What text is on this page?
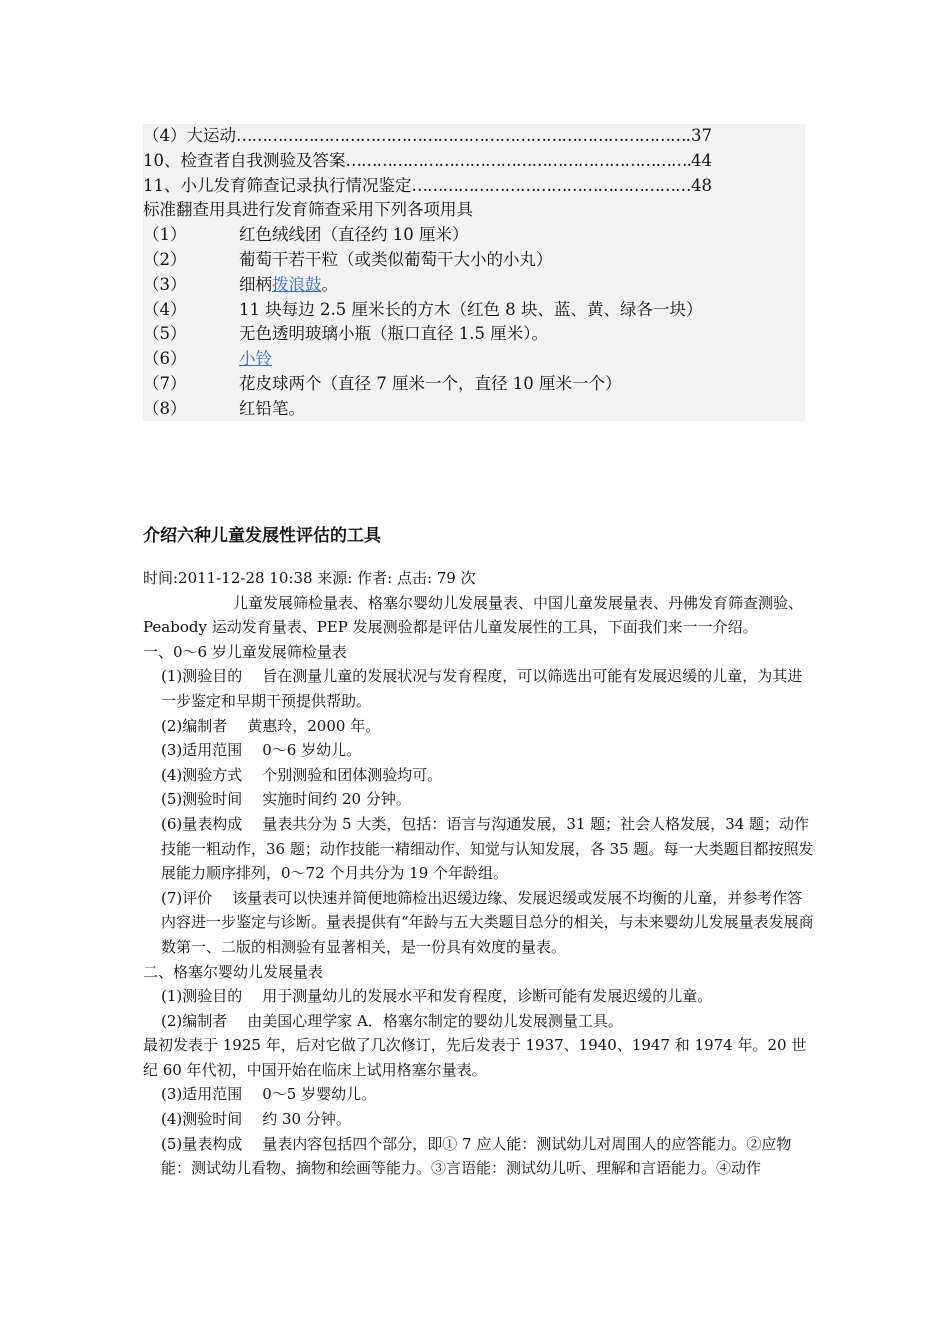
（4）大运动 ………………………………………………………………………………………………………………………	37
10、检查者自我测验及答案 ………………………………………………………………………………………………………………………	44
11、小儿发育筛查记录执行情况鉴定 ………………………………………………………………………………………………………………………	48
标准翻查用具进行发育筛查采用下列各项用具
（1）	红色绒线团（直径约 10 厘米）
（2）	葡萄干若干粒（或类似葡萄干大小的小丸）
（3）	细柄拨浪鼓。
（4）	11 块每边 2.5 厘米长的方木（红色 8 块、蓝、黄、绿各一块）
（5）	无色透明玻璃小瓶（瓶口直径 1.5 厘米）。
（6）	小铃
（7）	花皮球两个（直径 7 厘米一个，直径 10 厘米一个）
（8）	红铅笔。
介绍六种儿童发展性评估的工具

时间:2011-12-28 10:38 来源: 作者: 点击: 79 次

儿童发展筛检量表、格塞尔婴幼儿发展量表、中国儿童发展量表、丹佛发育筛查测验、Peabody 运动发育量表、PEP 发展测验都是评估儿童发展性的工具，下面我们来一一介绍。

一、0～6 岁儿童发展筛检量表

(1)测验目的 旨在测量儿童的发展状况与发育程度，可以筛选出可能有发展迟缓的儿童，为其进一步鉴定和早期干预提供帮助。

(2)编制者 黄惠玲，2000 年。

(3)适用范围 0～6 岁幼儿。

(4)测验方式 个别测验和团体测验均可。

(5)测验时间 实施时间约 20 分钟。

(6)量表构成 量表共分为 5 大类，包括：语言与沟通发展，31 题；社会人格发展，34 题；动作技能一粗动作，36 题；动作技能一精细动作、知觉与认知发展，各 35 题。每一大类题目都按照发展能力顺序排列，0～72 个月共分为 19 个年龄组。

(7)评价 该量表可以快速并简便地筛检出迟缓边缘、发展迟缓或发展不均衡的儿童，并参考作答内容进一步鉴定与诊断。量表提供有“年龄与五大类题目总分的相关，与未来婴幼儿发展量表发展商数第一、二版的相测验有显著相关，是一份具有效度的量表。

二、格塞尔婴幼儿发展量表

(1)测验目的 用于测量幼儿的发展水平和发育程度，诊断可能有发展迟缓的儿童。

(2)编制者 由美国心理学家 A．格塞尔制定的婴幼儿发展测量工具。

最初发表于 1925 年，后对它做了几次修订，先后发表于 1937、1940、1947 和 1974 年。20 世纪 60 年代初，中国开始在临床上试用格塞尔量表。

(3)适用范围 0～5 岁婴幼儿。

(4)测验时间 约 30 分钟。

(5)量表构成 量表内容包括四个部分，即① 7 应人能：测试幼儿对周围人的应答能力。②应物能：测试幼儿看物、摘物和绘画等能力。③言语能：测试幼儿听、理解和言语能力。④动作
